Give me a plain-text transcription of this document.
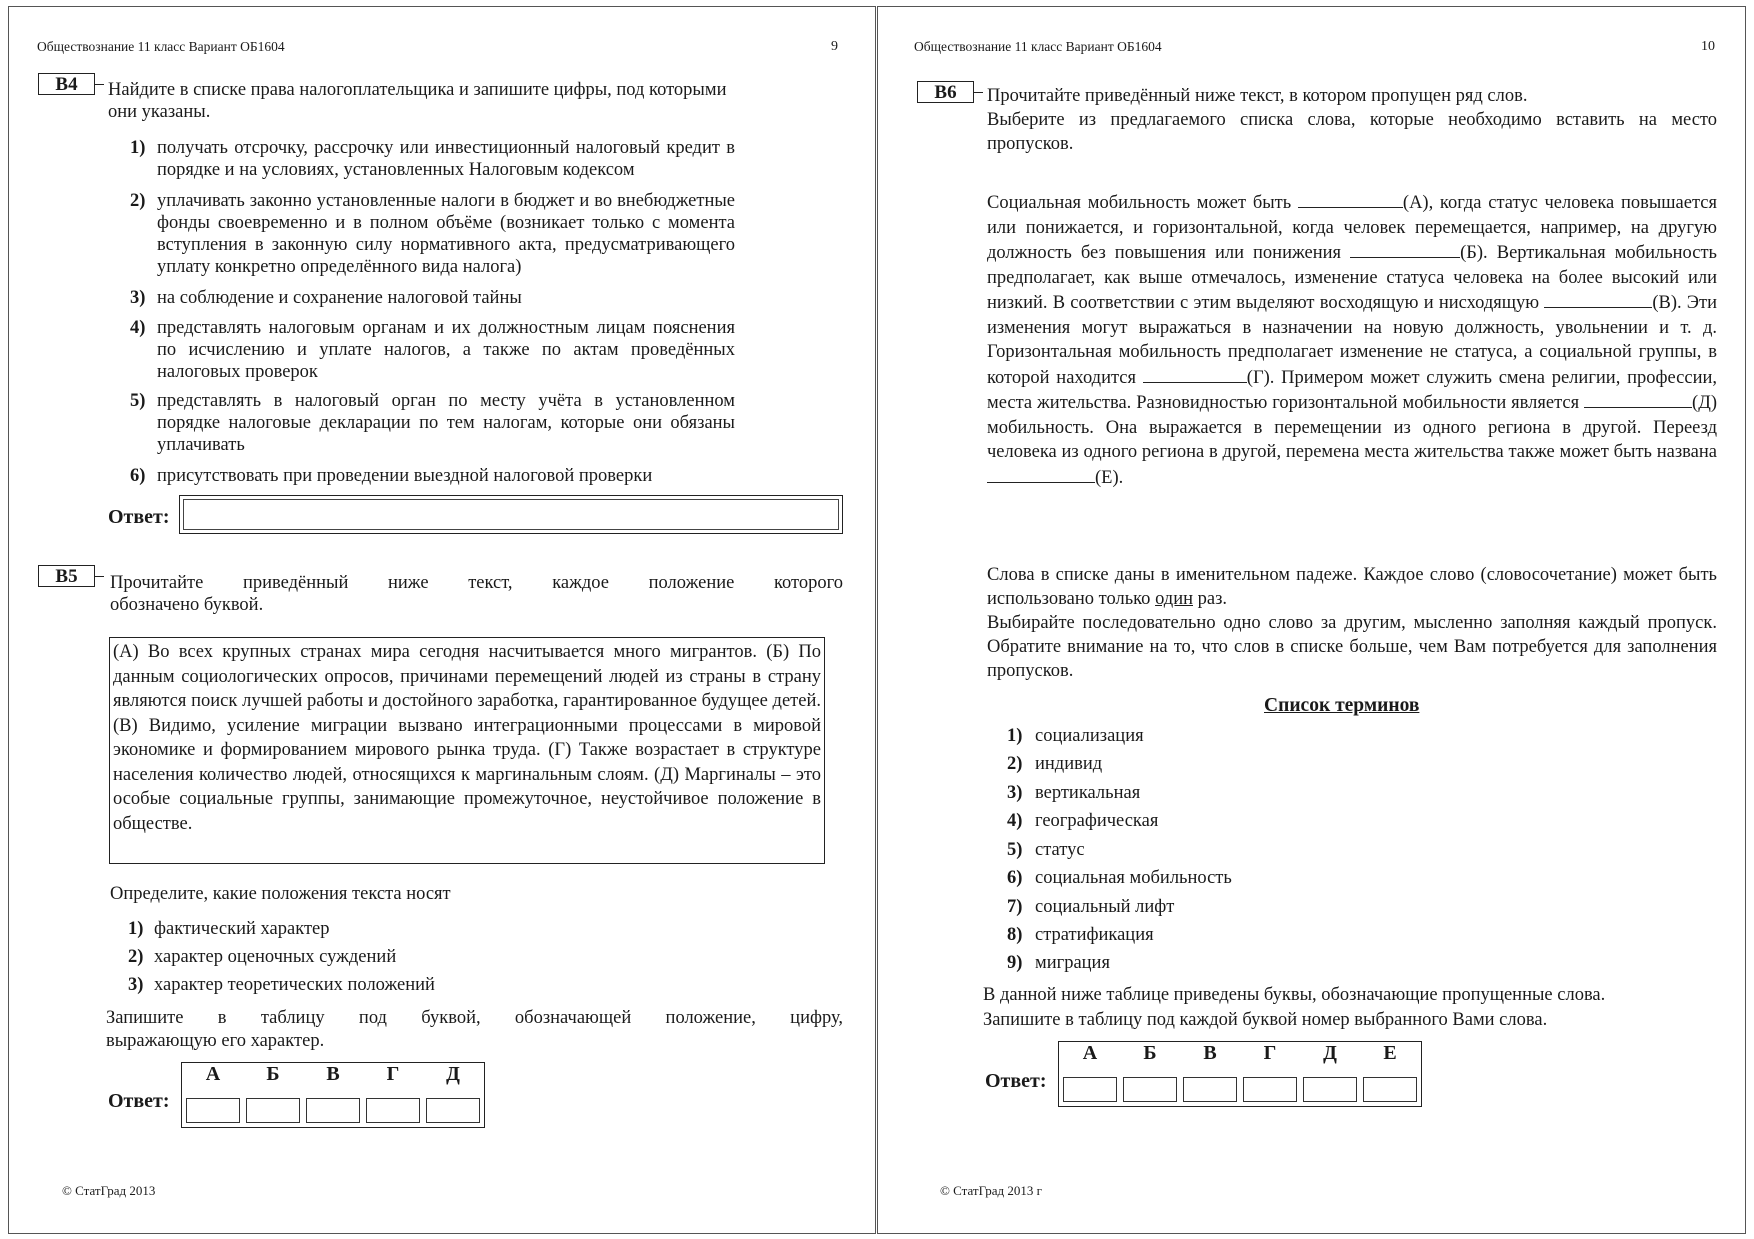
Обществознание 11 класс Вариант ОБ1604	9
В4	Найдите в списке права налогоплательщика и запишите цифры, под которыми
они указаны.
1) получать отсрочку, рассрочку или инвестиционный налоговый кредит в порядке и на условиях, установленных Налоговым кодексом
2) уплачивать законно установленные налоги в бюджет и во внебюджетные фонды своевременно и в полном объёме (возникает только с момента вступления в законную силу нормативного акта, предусматривающего уплату конкретно определённого вида налога)
3) на соблюдение и сохранение налоговой тайны
4) представлять налоговым органам и их должностным лицам пояснения по исчислению и уплате налогов, а также по актам проведённых налоговых проверок
5) представлять в налоговый орган по месту учёта в установленном порядке налоговые декларации по тем налогам, которые они обязаны уплачивать
6) присутствовать при проведении выездной налоговой проверки
Ответ:
В5	Прочитайте приведённый ниже текст, каждое положение которого
обозначено буквой.
(А) Во всех крупных странах мира сегодня насчитывается много мигрантов. (Б) По данным социологических опросов, причинами перемещений людей из страны в страну являются поиск лучшей работы и достойного заработка, гарантированное будущее детей. (В) Видимо, усиление миграции вызвано интеграционными процессами в мировой экономике и формированием мирового рынка труда. (Г) Также возрастает в структуре населения количество людей, относящихся к маргинальным слоям. (Д) Маргиналы – это особые социальные группы, занимающие промежуточное, неустойчивое положение в обществе.
Определите, какие положения текста носят
1) фактический характер
2) характер оценочных суждений
3) характер теоретических положений
Запишите в таблицу под буквой, обозначающей положение, цифру,
выражающую его характер.
Ответ:
А	Б	В	Г	Д
© СтатГрад 2013
Обществознание 11 класс Вариант ОБ1604	10
В6	Прочитайте приведённый ниже текст, в котором пропущен ряд слов.
Выберите из предлагаемого списка слова, которые необходимо вставить на место пропусков.
Социальная мобильность может быть	(А), когда статус человека повышается или понижается, и горизонтальной, когда человек перемещается, например, на другую должность без повышения или понижения	(Б). Вертикальная мобильность предполагает, как выше отмечалось, изменение статуса человека на более высокий или низкий. В соответствии с этим выделяют восходящую и нисходящую	(В). Эти изменения могут выражаться в назначении на новую должность, увольнении и т. д. Горизонтальная мобильность предполагает изменение не статуса, а социальной группы, в которой находится	(Г). Примером может служить смена религии, профессии, места жительства. Разновидностью горизонтальной мобильности является	(Д) мобильность. Она выражается в перемещении из одного региона в другой. Переезд человека из одного региона в другой, перемена места жительства также может быть названа(Е).
Слова в списке даны в именительном падеже. Каждое слово (словосочетание) может быть использовано только один раз.
Выбирайте последовательно одно слово за другим, мысленно заполняя каждый пропуск. Обратите внимание на то, что слов в списке больше, чем Вам потребуется для заполнения пропусков.
Список терминов
1) социализация
2) индивид
3) вертикальная
4) географическая
5) статус
6) социальная мобильность
7) социальный лифт
8) стратификация
9) миграция
В данной ниже таблице приведены буквы, обозначающие пропущенные слова.
Запишите в таблицу под каждой буквой номер выбранного Вами слова.
Ответ:
А	Б	В	Г	Д	Е
© СтатГрад 2013 г
